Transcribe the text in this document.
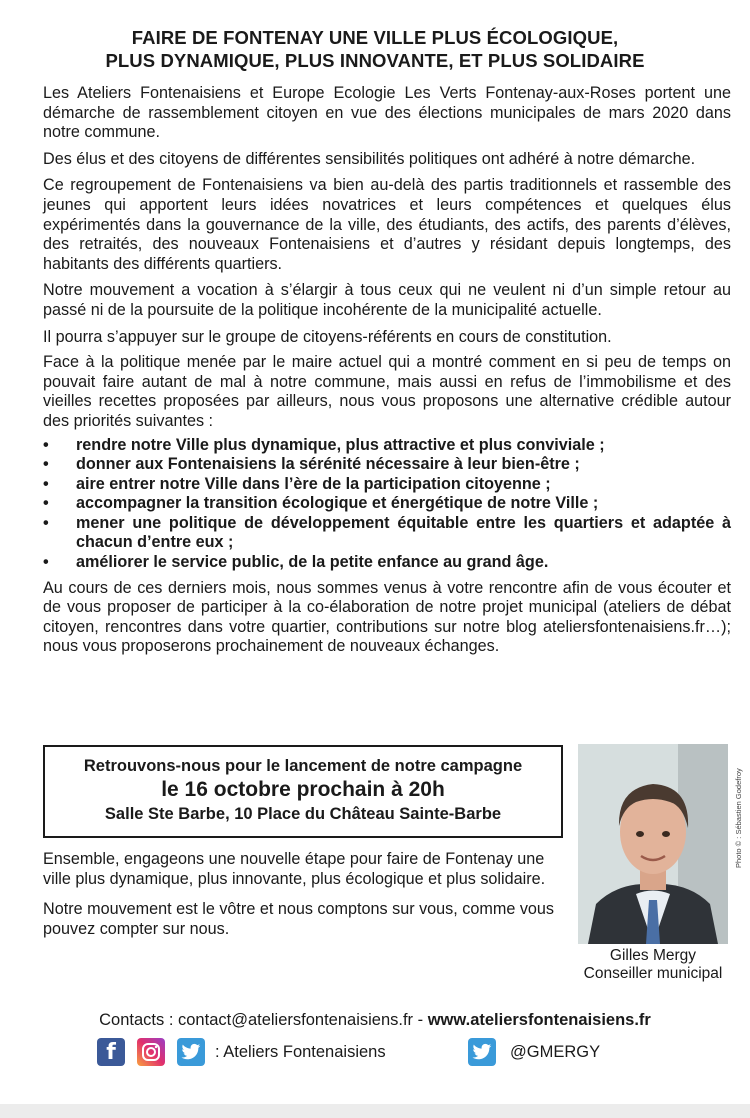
FAIRE DE FONTENAY UNE VILLE PLUS ÉCOLOGIQUE,
PLUS DYNAMIQUE, PLUS INNOVANTE, ET PLUS SOLIDAIRE

Les Ateliers Fontenaisiens et Europe Ecologie Les Verts Fontenay-aux-Roses portent une démarche de rassemblement citoyen en vue des élections municipales de mars 2020 dans notre commune.

Des élus et des citoyens de différentes sensibilités politiques ont adhéré à notre démarche.

Ce regroupement de Fontenaisiens va bien au-delà des partis traditionnels et rassemble des jeunes qui apportent leurs idées novatrices et leurs compétences et quelques élus expérimentés dans la gouvernance de la ville, des étudiants, des actifs, des parents d’élèves, des retraités, des nouveaux Fontenaisiens et d’autres y résidant depuis longtemps, des habitants des différents quartiers.

Notre mouvement a vocation à s’élargir à tous ceux qui ne veulent ni d’un simple retour au passé ni de la poursuite de la politique incohérente de la municipalité actuelle.

Il pourra s’appuyer sur le groupe de citoyens-référents en cours de constitution.

Face à la politique menée par le maire actuel qui a montré comment en si peu de temps on pouvait faire autant de mal à notre commune, mais aussi en refus de l’immobilisme et des vieilles recettes proposées par ailleurs, nous vous proposons une alternative crédible autour des priorités suivantes :

• rendre notre Ville plus dynamique, plus attractive et plus conviviale ;
• donner aux Fontenaisiens la sérénité nécessaire à leur bien-être ;
• aire entrer notre Ville dans l’ère de la participation citoyenne ;
• accompagner la transition écologique et énergétique de notre Ville ;
• mener une politique de développement équitable entre les quartiers et adaptée à chacun d’entre eux ;
• améliorer le service public, de la petite enfance au grand âge.

Au cours de ces derniers mois, nous sommes venus à votre rencontre afin de vous écouter et de vous proposer de participer à la co-élaboration de notre projet municipal (ateliers de débat citoyen, rencontres dans votre quartier, contributions sur notre blog ateliersfontenaisiens.fr…); nous vous proposerons prochainement de nouveaux échanges.

Retrouvons-nous pour le lancement de notre campagne
le 16 octobre prochain à 20h
Salle Ste Barbe, 10 Place du Château Sainte-Barbe

Ensemble, engageons une nouvelle étape pour faire de Fontenay une ville plus dynamique, plus innovante, plus écologique et plus solidaire.

Notre mouvement est le vôtre et nous comptons sur vous, comme vous pouvez compter sur nous.

Photo © : Sébastien Godefroy
Gilles Mergy
Conseiller municipal
Contacts : contact@ateliersfontenaisiens.fr - www.ateliersfontenaisiens.fr
f	: Ateliers Fontenaisiens	@GMERGY
